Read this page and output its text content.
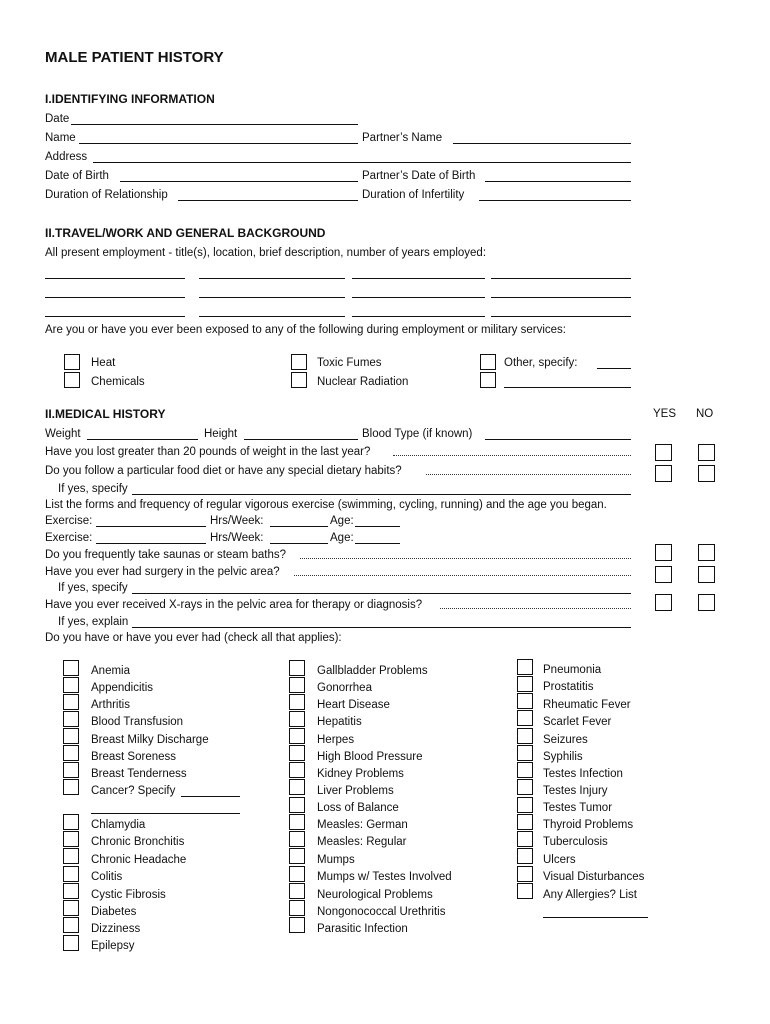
MALE PATIENT HISTORY
I.IDENTIFYING INFORMATION
Date
Name	Partner’s Name
Address
Date of Birth	Partner’s Date of Birth
Duration of Relationship	Duration of Infertility
II.TRAVEL/WORK AND GENERAL BACKGROUND
All present employment - title(s), location, brief description, number of years employed:
Are you or have you ever been exposed to any of the following during employment or military services:
Heat
Chemicals
Toxic Fumes
Nuclear Radiation
Other, specify:
II.MEDICAL HISTORY	YES NO
Weight	Height	Blood Type (if known)
Have you lost greater than 20 pounds of weight in the last year?
Do you follow a particular food diet or have any special dietary habits?
If yes, specify
List the forms and frequency of regular vigorous exercise (swimming, cycling, running) and the age you began.
Exercise:	Hrs/Week:	Age:
Exercise:	Hrs/Week:	Age:
Do you frequently take saunas or steam baths?
Have you ever had surgery in the pelvic area?
If yes, specify
Have you ever received X-rays in the pelvic area for therapy or diagnosis?
If yes, explain
Do you have or have you ever had (check all that applies):
Anemia
Appendicitis
Arthritis
Blood Transfusion
Breast Milky Discharge
Breast Soreness
Breast Tenderness
Cancer? Specify
Chlamydia
Chronic Bronchitis
Chronic Headache
Colitis
Cystic Fibrosis
Diabetes
Dizziness
Epilepsy
Gallbladder Problems
Gonorrhea
Heart Disease
Hepatitis
Herpes
High Blood Pressure
Kidney Problems
Liver Problems
Loss of Balance
Measles: German
Measles: Regular
Mumps
Mumps w/ Testes Involved
Neurological Problems
Nongonococcal Urethritis
Parasitic Infection
Pneumonia
Prostatitis
Rheumatic Fever
Scarlet Fever
Seizures
Syphilis
Testes Infection
Testes Injury
Testes Tumor
Thyroid Problems
Tuberculosis
Ulcers
Visual Disturbances
Any Allergies? List
